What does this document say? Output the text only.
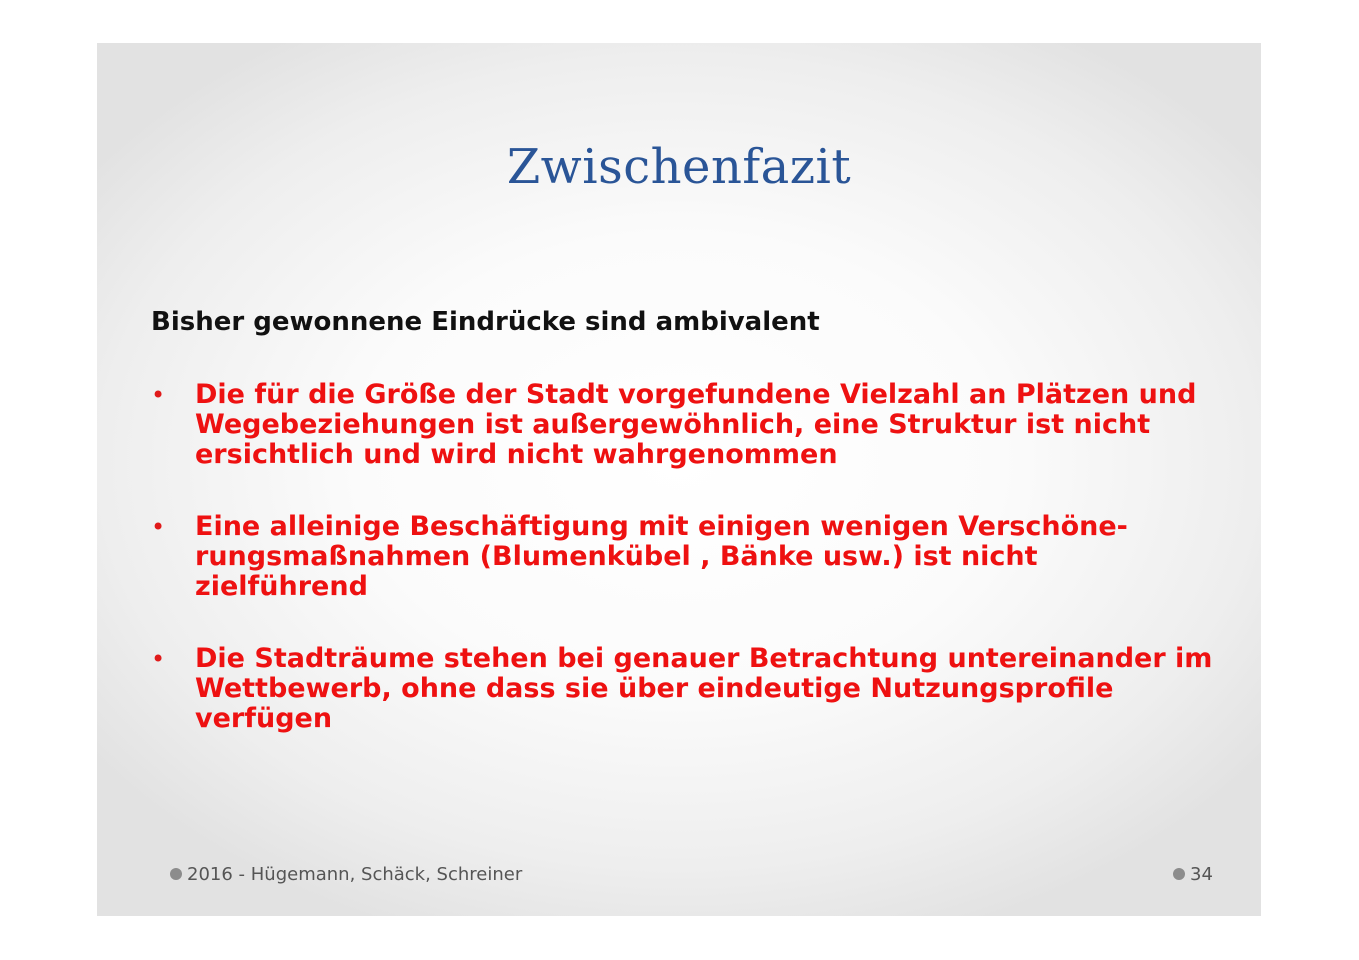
Zwischenfazit
Bisher gewonnene Eindrücke sind ambivalent
• Die für die Größe der Stadt vorgefundene Vielzahl an Plätzen und
Wegebeziehungen ist außergewöhnlich, eine Struktur ist nicht
ersichtlich und wird nicht wahrgenommen
• Eine alleinige Beschäftigung mit einigen wenigen Verschöne-
rungsmaßnahmen (Blumenkübel , Bänke usw.) ist nicht
zielführend
• Die Stadträume stehen bei genauer Betrachtung untereinander im
Wettbewerb, ohne dass sie über eindeutige Nutzungsprofile
verfügen
2016 - Hügemann, Schäck, Schreiner	34
